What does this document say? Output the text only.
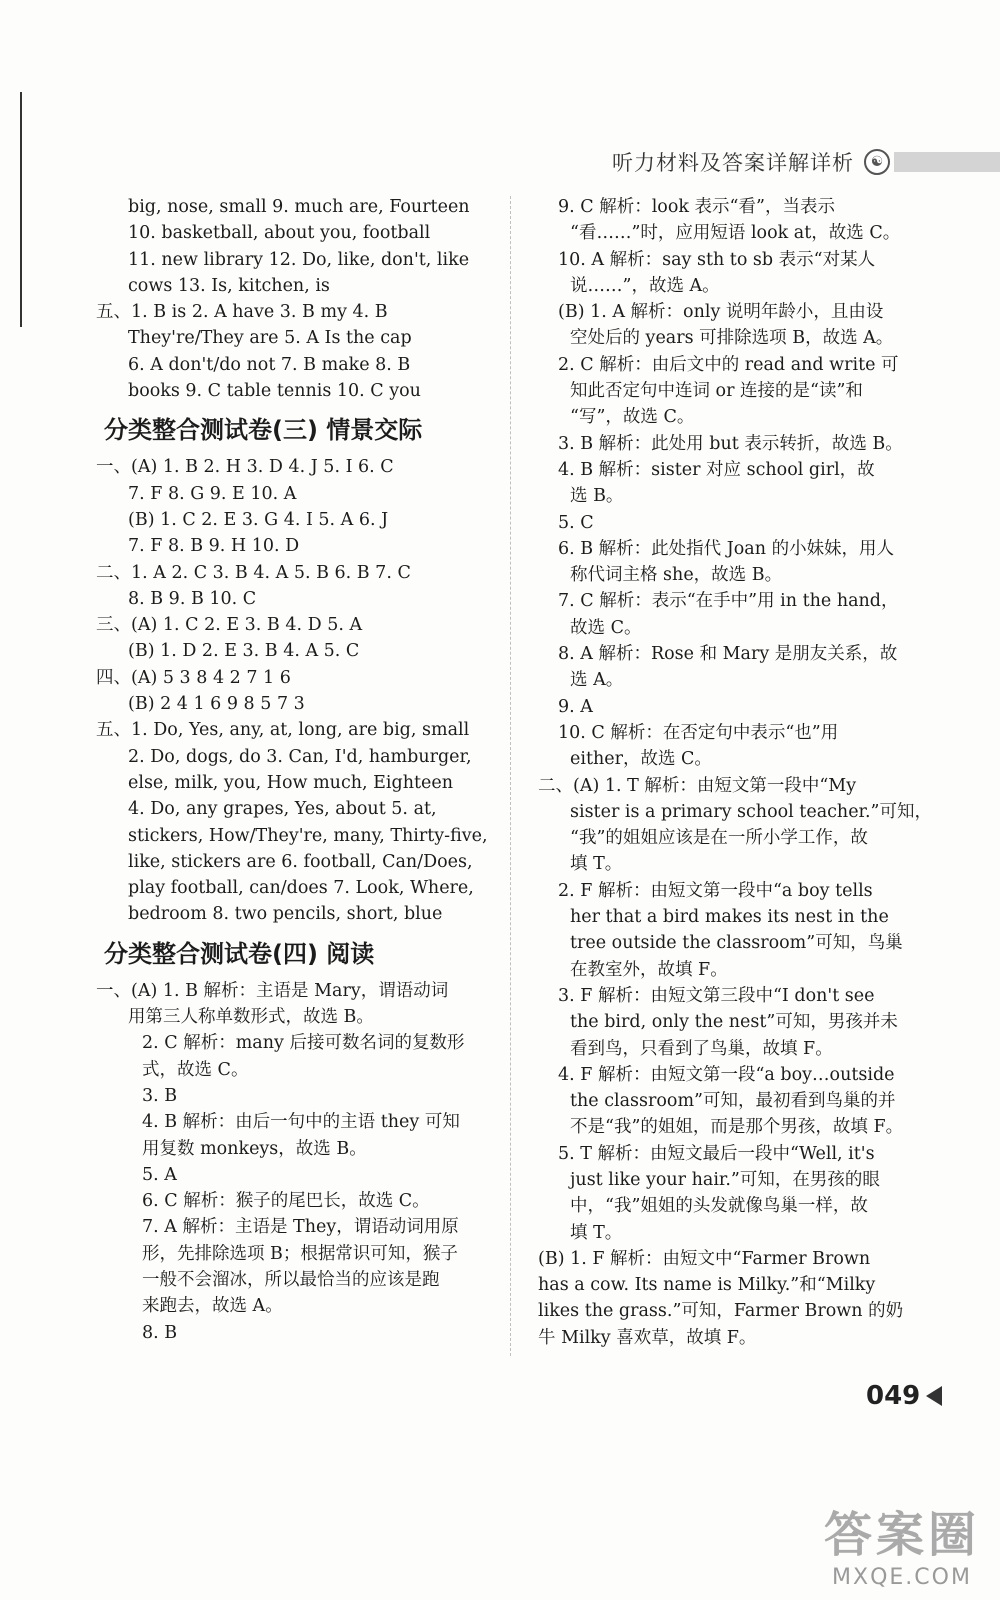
听力材料及答案详解详析	☯
big, nose, small 9. much are, Fourteen
10. basketball, about you, football
11. new library 12. Do, like, don't, like
cows 13. Is, kitchen, is
五、1. B is 2. A have 3. B my 4. B
They're/They are 5. A Is the cap
6. A don't/do not 7. B make 8. B
books 9. C table tennis 10. C you
分类整合测试卷(三) 情景交际
一、(A) 1. B 2. H 3. D 4. J 5. I 6. C
7. F 8. G 9. E 10. A
(B) 1. C 2. E 3. G 4. I 5. A 6. J
7. F 8. B 9. H 10. D
二、1. A 2. C 3. B 4. A 5. B 6. B 7. C
8. B 9. B 10. C
三、(A) 1. C 2. E 3. B 4. D 5. A
(B) 1. D 2. E 3. B 4. A 5. C
四、(A) 5 3 8 4 2 7 1 6
(B) 2 4 1 6 9 8 5 7 3
五、1. Do, Yes, any, at, long, are big, small
2. Do, dogs, do 3. Can, I'd, hamburger,
else, milk, you, How much, Eighteen
4. Do, any grapes, Yes, about 5. at,
stickers, How/They're, many, Thirty-five,
like, stickers are 6. football, Can/Does,
play football, can/does 7. Look, Where,
bedroom 8. two pencils, short, blue
分类整合测试卷(四) 阅读
一、(A) 1. B 解析：主语是 Mary，谓语动词
用第三人称单数形式，故选 B。
2. C 解析：many 后接可数名词的复数形
式，故选 C。
3. B
4. B 解析：由后一句中的主语 they 可知
用复数 monkeys，故选 B。
5. A
6. C 解析：猴子的尾巴长，故选 C。
7. A 解析：主语是 They，谓语动词用原
形，先排除选项 B；根据常识可知，猴子
一般不会溜冰，所以最恰当的应该是跑
来跑去，故选 A。
8. B
9. C 解析：look 表示“看”，当表示
“看……”时，应用短语 look at，故选 C。
10. A 解析：say sth to sb 表示“对某人
说……”，故选 A。
(B) 1. A 解析：only 说明年龄小，且由设
空处后的 years 可排除选项 B，故选 A。
2. C 解析：由后文中的 read and write 可
知此否定句中连词 or 连接的是“读”和
“写”，故选 C。
3. B 解析：此处用 but 表示转折，故选 B。
4. B 解析：sister 对应 school girl，故
选 B。
5. C
6. B 解析：此处指代 Joan 的小妹妹，用人
称代词主格 she，故选 B。
7. C 解析：表示“在手中”用 in the hand，
故选 C。
8. A 解析：Rose 和 Mary 是朋友关系，故
选 A。
9. A
10. C 解析：在否定句中表示“也”用
either，故选 C。
二、(A) 1. T 解析：由短文第一段中“My
sister is a primary school teacher.”可知，
“我”的姐姐应该是在一所小学工作，故
填 T。
2. F 解析：由短文第一段中“a boy tells
her that a bird makes its nest in the
tree outside the classroom”可知，鸟巢
在教室外，故填 F。
3. F 解析：由短文第三段中“I don't see
the bird, only the nest”可知，男孩并未
看到鸟，只看到了鸟巢，故填 F。
4. F 解析：由短文第一段“a boy…outside
the classroom”可知，最初看到鸟巢的并
不是“我”的姐姐，而是那个男孩，故填 F。
5. T 解析：由短文最后一段中“Well, it's
just like your hair.”可知，在男孩的眼
中，“我”姐姐的头发就像鸟巢一样，故
填 T。
(B) 1. F 解析：由短文中“Farmer Brown
has a cow. Its name is Milky.”和“Milky
likes the grass.”可知，Farmer Brown 的奶
牛 Milky 喜欢草，故填 F。
049
答案圈
MXQE.COM
